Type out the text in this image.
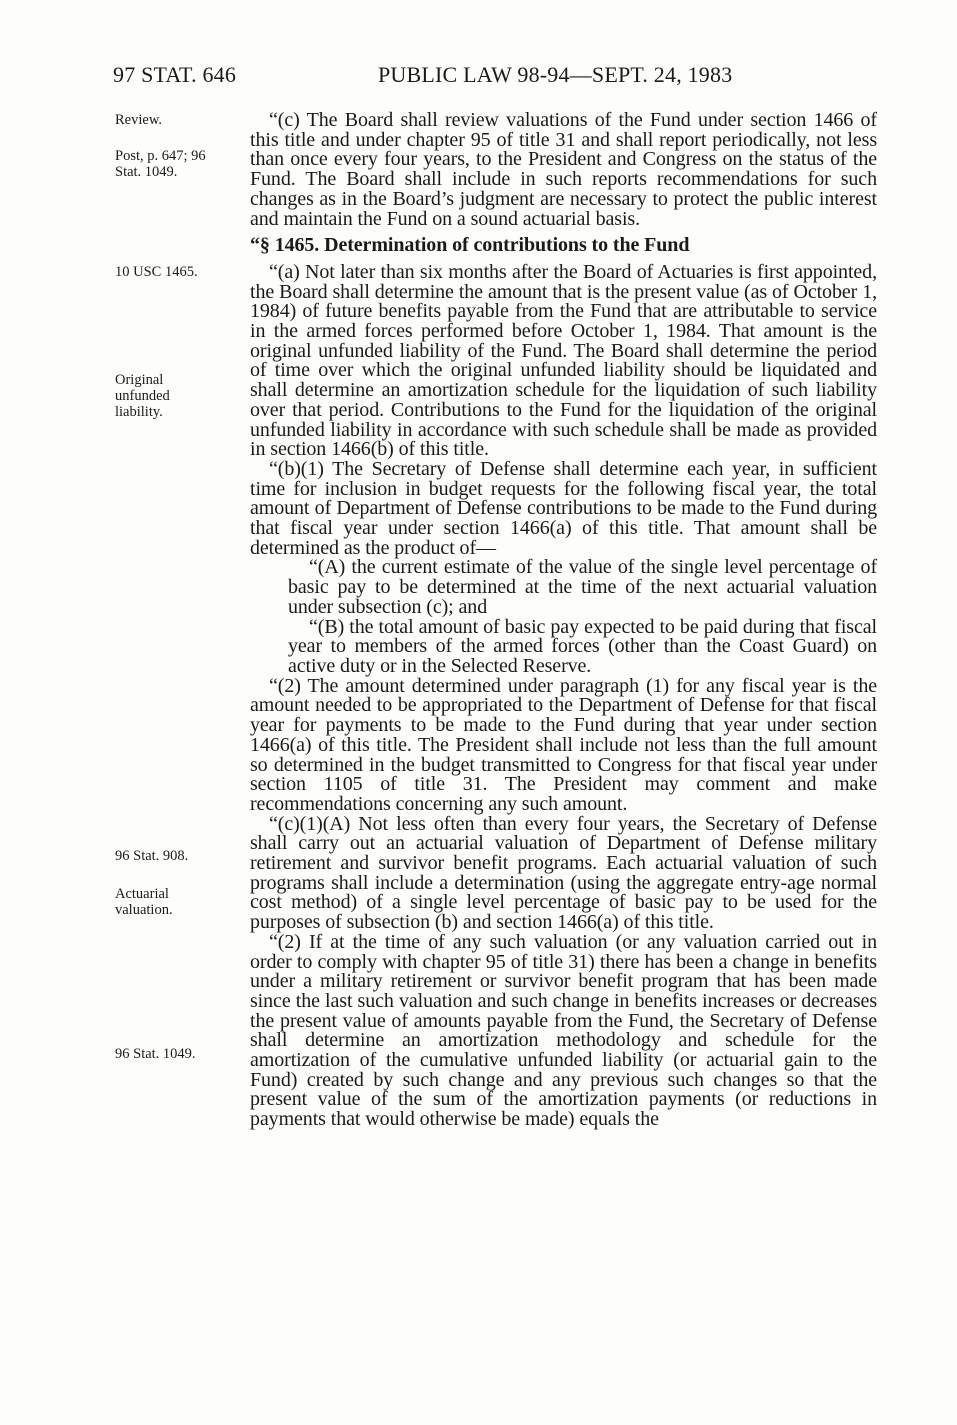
97 STAT. 646	PUBLIC LAW 98-94—SEPT. 24, 1983
Review.

Post, p. 647; 96
Stat. 1049.

10 USC 1465.
Original
unfunded
liability.
96 Stat. 908.
Actuarial
valuation.
96 Stat. 1049.

“(c) The Board shall review valuations of the Fund under section 1466 of this title and under chapter 95 of title 31 and shall report periodically, not less than once every four years, to the President and Congress on the status of the Fund. The Board shall include in such reports recommendations for such changes as in the Board’s judgment are necessary to protect the public interest and maintain the Fund on a sound actuarial basis.

“§ 1465. Determination of contributions to the Fund

“(a) Not later than six months after the Board of Actuaries is first appointed, the Board shall determine the amount that is the present value (as of October 1, 1984) of future benefits payable from the Fund that are attributable to service in the armed forces performed before October 1, 1984. That amount is the original unfunded liability of the Fund. The Board shall determine the period of time over which the original unfunded liability should be liquidated and shall determine an amortization schedule for the liquidation of such liability over that period. Contributions to the Fund for the liquidation of the original unfunded liability in accordance with such schedule shall be made as provided in section 1466(b) of this title.

“(b)(1) The Secretary of Defense shall determine each year, in sufficient time for inclusion in budget requests for the following fiscal year, the total amount of Department of Defense contributions to be made to the Fund during that fiscal year under section 1466(a) of this title. That amount shall be determined as the product of—

“(A) the current estimate of the value of the single level percentage of basic pay to be determined at the time of the next actuarial valuation under subsection (c); and

“(B) the total amount of basic pay expected to be paid during that fiscal year to members of the armed forces (other than the Coast Guard) on active duty or in the Selected Reserve.

“(2) The amount determined under paragraph (1) for any fiscal year is the amount needed to be appropriated to the Department of Defense for that fiscal year for payments to be made to the Fund during that year under section 1466(a) of this title. The President shall include not less than the full amount so determined in the budget transmitted to Congress for that fiscal year under section 1105 of title 31. The President may comment and make recommendations concerning any such amount.

“(c)(1)(A) Not less often than every four years, the Secretary of Defense shall carry out an actuarial valuation of Department of Defense military retirement and survivor benefit programs. Each actuarial valuation of such programs shall include a determination (using the aggregate entry-age normal cost method) of a single level percentage of basic pay to be used for the purposes of subsection (b) and section 1466(a) of this title.

“(2) If at the time of any such valuation (or any valuation carried out in order to comply with chapter 95 of title 31) there has been a change in benefits under a military retirement or survivor benefit program that has been made since the last such valuation and such change in benefits increases or decreases the present value of amounts payable from the Fund, the Secretary of Defense shall determine an amortization methodology and schedule for the amortization of the cumulative unfunded liability (or actuarial gain to the Fund) created by such change and any previous such changes so that the present value of the sum of the amortization payments (or reductions in payments that would otherwise be made) equals the
